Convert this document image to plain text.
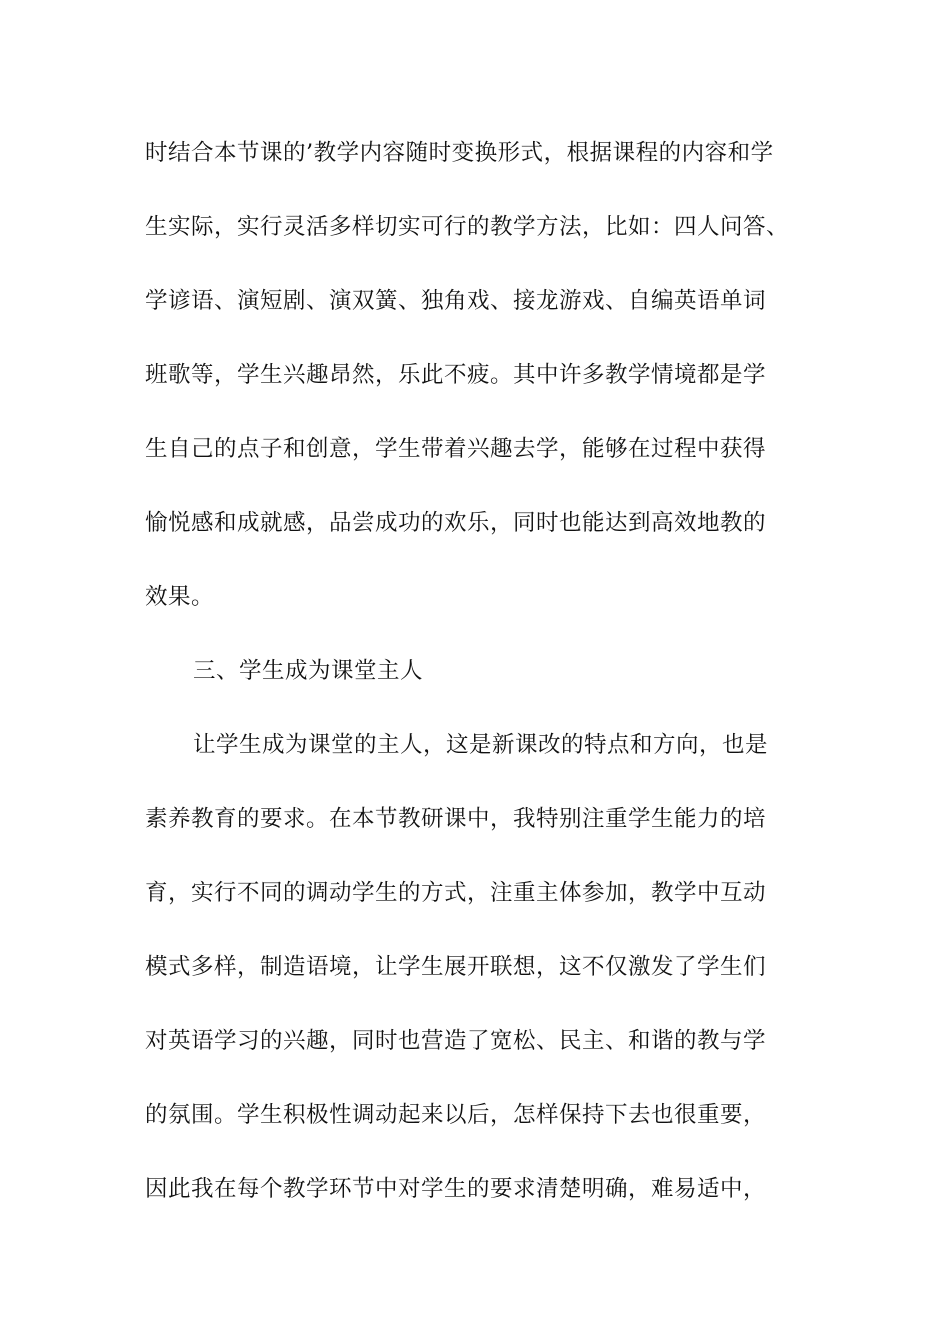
时结合本节课的’教学内容随时变换形式，根据课程的内容和学
生实际，实行灵活多样切实可行的教学方法，比如：四人问答、
学谚语、演短剧、演双簧、独角戏、接龙游戏、自编英语单词
班歌等，学生兴趣昂然，乐此不疲。其中许多教学情境都是学
生自己的点子和创意，学生带着兴趣去学，能够在过程中获得
愉悦感和成就感，品尝成功的欢乐，同时也能达到高效地教的
效果。
三、学生成为课堂主人
让学生成为课堂的主人，这是新课改的特点和方向，也是
素养教育的要求。在本节教研课中，我特别注重学生能力的培
育，实行不同的调动学生的方式，注重主体参加，教学中互动
模式多样，制造语境，让学生展开联想，这不仅激发了学生们
对英语学习的兴趣，同时也营造了宽松、民主、和谐的教与学
的氛围。学生积极性调动起来以后，怎样保持下去也很重要，
因此我在每个教学环节中对学生的要求清楚明确，难易适中，
